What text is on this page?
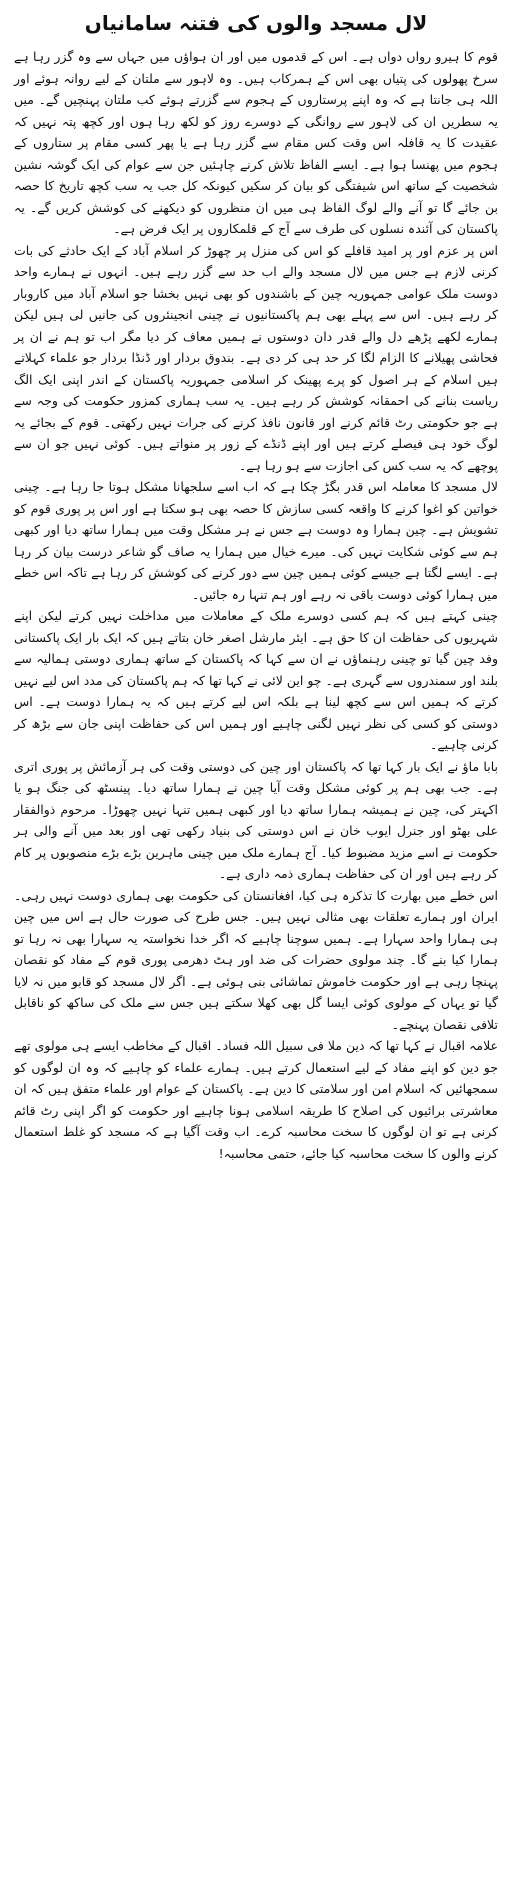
لال مسجد والوں کی فتنہ سامانیاں

قوم کا ہیرو رواں دواں ہے۔ اس کے قدموں میں اور ان ہواؤں میں جہاں سے وہ گزر رہا ہے سرخ پھولوں کی پتیاں بھی اس کے ہمرکاب ہیں۔ وہ لاہور سے ملتان کے لیے روانہ ہوئے اور اللہ ہی جانتا ہے کہ وہ اپنے پرستاروں کے ہجوم سے گزرتے ہوئے کب ملتان پہنچیں گے۔ میں یہ سطریں ان کی لاہور سے روانگی کے دوسرے روز کو لکھ رہا ہوں اور کچھ پتہ نہیں کہ عقیدت کا یہ قافلہ اس وقت کس مقام سے گزر رہا ہے یا پھر کسی مقام پر ستاروں کے ہجوم میں پھنسا ہوا ہے۔ ایسے الفاظ تلاش کرنے چاہئیں جن سے عوام کی ایک گوشہ نشین شخصیت کے ساتھ اس شیفتگی کو بیان کر سکیں کیونکہ کل جب یہ سب کچھ تاریخ کا حصہ بن جائے گا تو آنے والے لوگ الفاظ ہی میں ان منظروں کو دیکھنے کی کوشش کریں گے۔ یہ پاکستان کی آئندہ نسلوں کی طرف سے آج کے قلمکاروں پر ایک فرض ہے۔

اس پر عزم اور پر امید قافلے کو اس کی منزل پر چھوڑ کر اسلام آباد کے ایک حادثے کی بات کرنی لازم ہے جس میں لال مسجد والے اب حد سے گزر رہے ہیں۔ انہوں نے ہمارے واحد دوست ملک عوامی جمہوریہ چین کے باشندوں کو بھی نہیں بخشا جو اسلام آباد میں کاروبار کر رہے ہیں۔ اس سے پہلے بھی ہم پاکستانیوں نے چینی انجینئروں کی جانیں لی ہیں لیکن ہمارے لکھے پڑھے دل والے قدر دان دوستوں نے ہمیں معاف کر دیا مگر اب تو ہم نے ان پر فحاشی پھیلانے کا الزام لگا کر حد ہی کر دی ہے۔ بندوق بردار اور ڈنڈا بردار جو علماء کہلاتے ہیں اسلام کے ہر اصول کو پرے پھینک کر اسلامی جمہوریہ پاکستان کے اندر اپنی ایک الگ ریاست بنانے کی احمقانہ کوشش کر رہے ہیں۔ یہ سب ہماری کمزور حکومت کی وجہ سے ہے جو حکومتی رٹ قائم کرنے اور قانون نافذ کرنے کی جرات نہیں رکھتی۔ قوم کے بجائے یہ لوگ خود ہی فیصلے کرتے ہیں اور اپنے ڈنڈے کے زور پر منواتے ہیں۔ کوئی نہیں جو ان سے پوچھے کہ یہ سب کس کی اجازت سے ہو رہا ہے۔

لال مسجد کا معاملہ اس قدر بگڑ چکا ہے کہ اب اسے سلجھانا مشکل ہوتا جا رہا ہے۔ چینی خواتین کو اغوا کرنے کا واقعہ کسی سازش کا حصہ بھی ہو سکتا ہے اور اس پر پوری قوم کو تشویش ہے۔ چین ہمارا وہ دوست ہے جس نے ہر مشکل وقت میں ہمارا ساتھ دیا اور کبھی ہم سے کوئی شکایت نہیں کی۔ میرے خیال میں ہمارا یہ صاف گو شاعر درست بیان کر رہا ہے۔ ایسے لگتا ہے جیسے کوئی ہمیں چین سے دور کرنے کی کوشش کر رہا ہے تاکہ اس خطے میں ہمارا کوئی دوست باقی نہ رہے اور ہم تنہا رہ جائیں۔

چینی کہتے ہیں کہ ہم کسی دوسرے ملک کے معاملات میں مداخلت نہیں کرتے لیکن اپنے شہریوں کی حفاظت ان کا حق ہے۔ ایئر مارشل اصغر خان بتاتے ہیں کہ ایک بار ایک پاکستانی وفد چین گیا تو چینی رہنماؤں نے ان سے کہا کہ پاکستان کے ساتھ ہماری دوستی ہمالیہ سے بلند اور سمندروں سے گہری ہے۔ چو این لائی نے کہا تھا کہ ہم پاکستان کی مدد اس لیے نہیں کرتے کہ ہمیں اس سے کچھ لینا ہے بلکہ اس لیے کرتے ہیں کہ یہ ہمارا دوست ہے۔ اس دوستی کو کسی کی نظر نہیں لگنی چاہیے اور ہمیں اس کی حفاظت اپنی جان سے بڑھ کر کرنی چاہیے۔

بابا ماؤ نے ایک بار کہا تھا کہ پاکستان اور چین کی دوستی وقت کی ہر آزمائش پر پوری اتری ہے۔ جب بھی ہم پر کوئی مشکل وقت آیا چین نے ہمارا ساتھ دیا۔ پینسٹھ کی جنگ ہو یا اکہتر کی، چین نے ہمیشہ ہمارا ساتھ دیا اور کبھی ہمیں تنہا نہیں چھوڑا۔ مرحوم ذوالفقار علی بھٹو اور جنرل ایوب خان نے اس دوستی کی بنیاد رکھی تھی اور بعد میں آنے والی ہر حکومت نے اسے مزید مضبوط کیا۔ آج ہمارے ملک میں چینی ماہرین بڑے بڑے منصوبوں پر کام کر رہے ہیں اور ان کی حفاظت ہماری ذمہ داری ہے۔

اس خطے میں بھارت کا تذکرہ ہی کیا، افغانستان کی حکومت بھی ہماری دوست نہیں رہی۔ ایران اور ہمارے تعلقات بھی مثالی نہیں ہیں۔ جس طرح کی صورت حال ہے اس میں چین ہی ہمارا واحد سہارا ہے۔ ہمیں سوچنا چاہیے کہ اگر خدا نخواستہ یہ سہارا بھی نہ رہا تو ہمارا کیا بنے گا۔ چند مولوی حضرات کی ضد اور ہٹ دھرمی پوری قوم کے مفاد کو نقصان پہنچا رہی ہے اور حکومت خاموش تماشائی بنی ہوئی ہے۔ اگر لال مسجد کو قابو میں نہ لایا گیا تو یہاں کے مولوی کوئی ایسا گل بھی کھلا سکتے ہیں جس سے ملک کی ساکھ کو ناقابل تلافی نقصان پہنچے۔

علامہ اقبال نے کہا تھا کہ دین ملا فی سبیل اللہ فساد۔ اقبال کے مخاطب ایسے ہی مولوی تھے جو دین کو اپنے مفاد کے لیے استعمال کرتے ہیں۔ ہمارے علماء کو چاہیے کہ وہ ان لوگوں کو سمجھائیں کہ اسلام امن اور سلامتی کا دین ہے۔ پاکستان کے عوام اور علماء متفق ہیں کہ ان معاشرتی برائیوں کی اصلاح کا طریقہ اسلامی ہونا چاہیے اور حکومت کو اگر اپنی رٹ قائم کرنی ہے تو ان لوگوں کا سخت محاسبہ کرے۔ اب وقت آگیا ہے کہ مسجد کو غلط استعمال کرنے والوں کا سخت محاسبہ کیا جائے، حتمی محاسبہ!
